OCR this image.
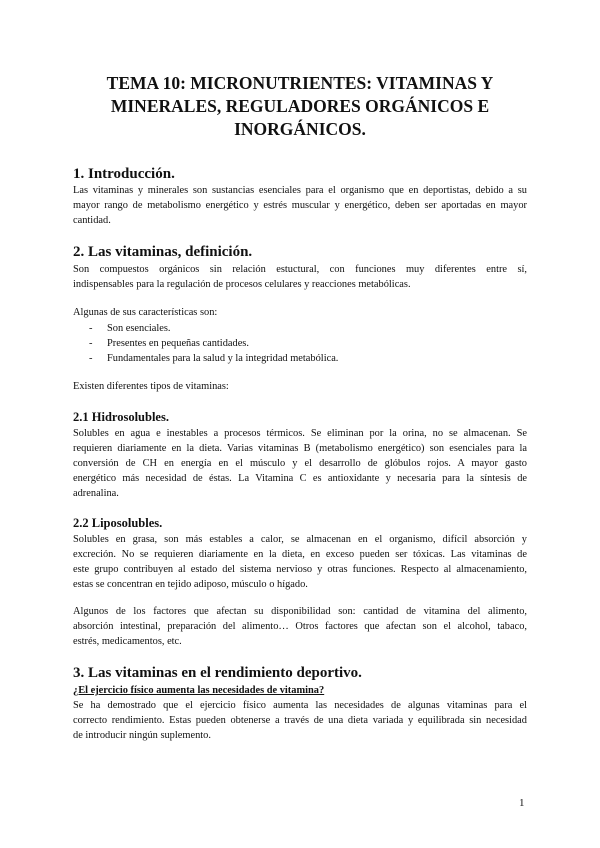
TEMA 10: MICRONUTRIENTES: VITAMINAS Y
MINERALES, REGULADORES ORGÁNICOS E
INORGÁNICOS.
1. Introducción.

Las vitaminas y minerales son sustancias esenciales para el organismo que en deportistas, debido a su
mayor rango de metabolismo energético y estrés muscular y energético, deben ser aportadas en mayor
cantidad.

2. Las vitaminas, definición.

Son compuestos orgánicos sin relación estuctural, con funciones muy diferentes entre sí,
indispensables para la regulación de procesos celulares y reacciones metabólicas.

Algunas de sus características son:

- Son esenciales.
- Presentes en pequeñas cantidades.
- Fundamentales para la salud y la integridad metabólica.

Existen diferentes tipos de vitaminas:

2.1 Hidrosolubles.

Solubles en agua e inestables a procesos térmicos. Se eliminan por la orina, no se almacenan. Se
requieren diariamente en la dieta. Varias vitaminas B (metabolismo energético) son esenciales para la
conversión de CH en energía en el músculo y el desarrollo de glóbulos rojos. A mayor gasto
energético más necesidad de éstas. La Vitamina C es antioxidante y necesaria para la síntesis de
adrenalina.

2.2 Liposolubles.

Solubles en grasa, son más estables a calor, se almacenan en el organismo, difícil absorción y
excreción. No se requieren diariamente en la dieta, en exceso pueden ser tóxicas. Las vitaminas de
este grupo contribuyen al estado del sistema nervioso y otras funciones. Respecto al almacenamiento,
estas se concentran en tejido adiposo, músculo o hígado.

Algunos de los factores que afectan su disponibilidad son: cantidad de vitamina del alimento,
absorción intestinal, preparación del alimento… Otros factores que afectan son el alcohol, tabaco,
estrés, medicamentos, etc.

3. Las vitaminas en el rendimiento deportivo.
¿El ejercicio físico aumenta las necesidades de vitamina?

Se ha demostrado que el ejercicio físico aumenta las necesidades de algunas vitaminas para el
correcto rendimiento. Estas pueden obtenerse a través de una dieta variada y equilibrada sin necesidad
de introducir ningún suplemento.

1
